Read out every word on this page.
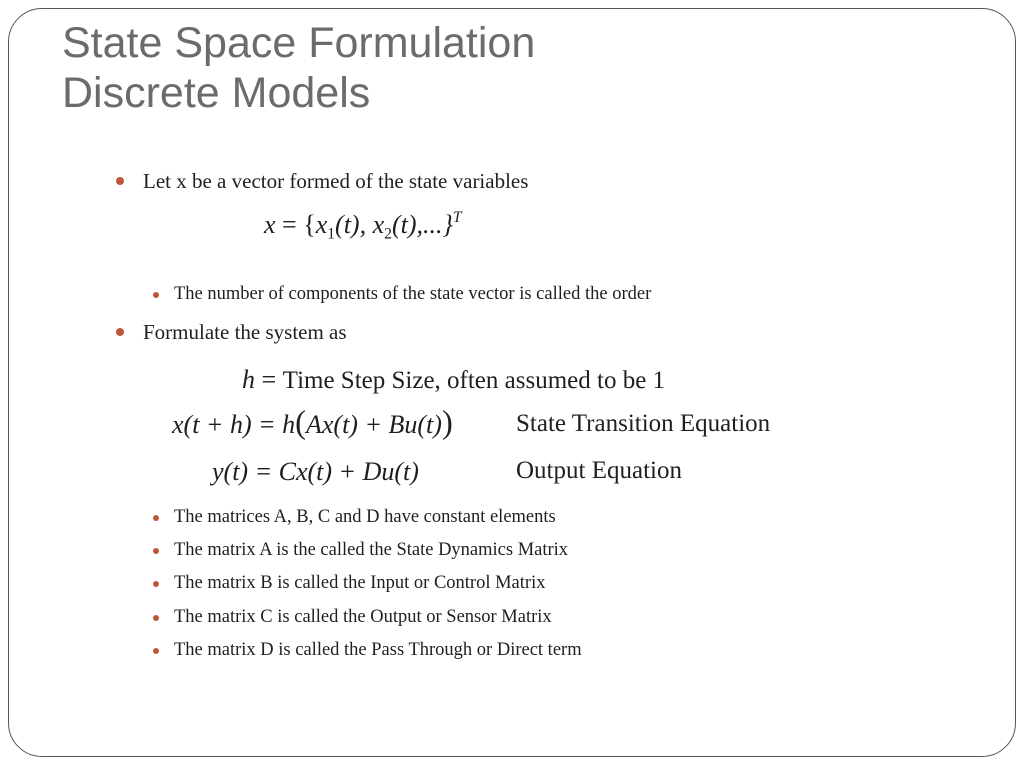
State Space Formulation
Discrete Models
Let x be a vector formed of the state variables
$x = \{x_1(t)$, $x_2(t),...\}^T$
The number of components of the state vector is called the order
Formulate the system as
h = Time Step Size, often assumed to be 1
x(t + h) = h(Ax(t) + Bu(t))	State Transition Equation
y(t) = Cx(t) + Du(t)	Output Equation
The matrices A, B, C and D have constant elements
The matrix A is the called the State Dynamics Matrix
The matrix B is called the Input or Control Matrix
The matrix C is called the Output or Sensor Matrix
The matrix D is called the Pass Through or Direct term
